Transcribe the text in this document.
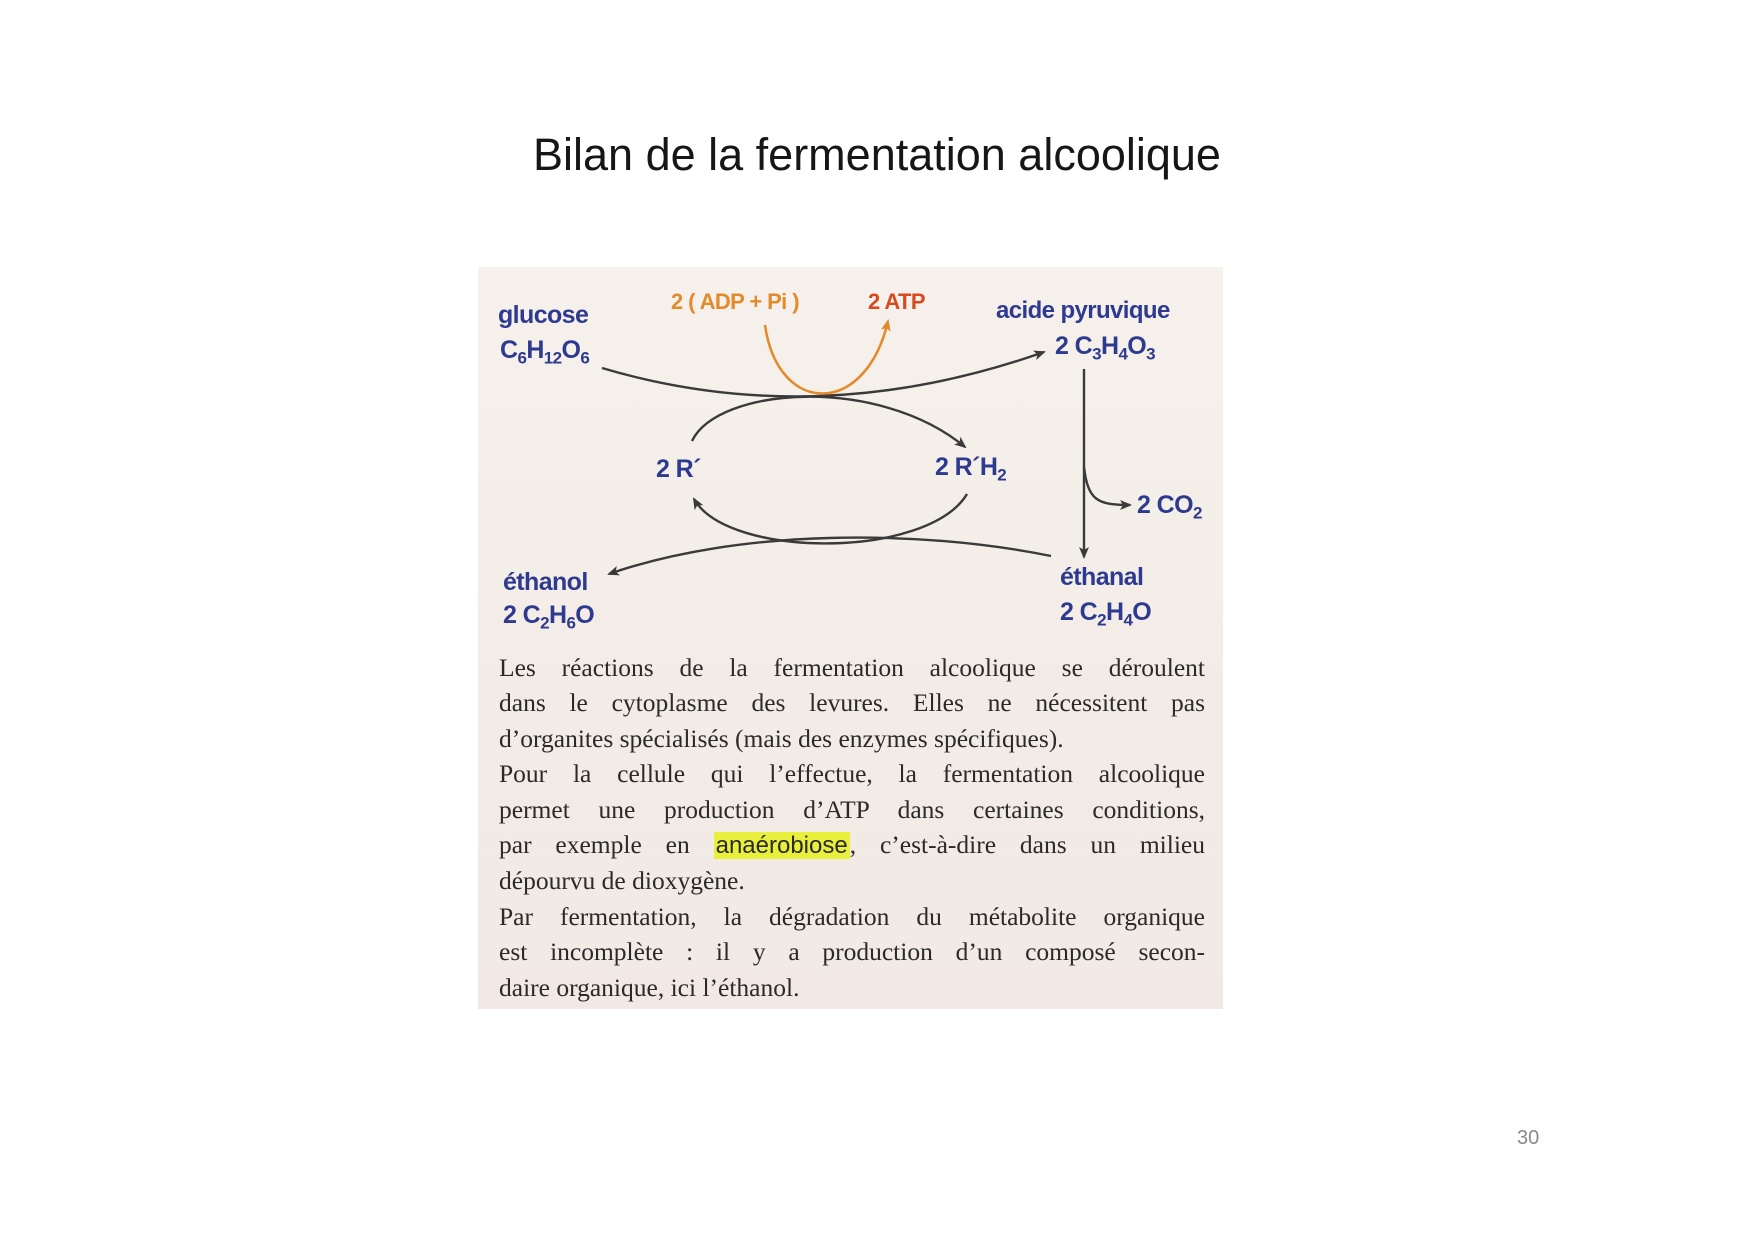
Bilan de la fermentation alcoolique
glucose
$C_6H_{12}O_6$
2 ( ADP + Pi )	2 ATP	acide pyruvique
2 $C_3H_4O_3$
2 R´	2 $R´H_2$
2 $CO_2$
éthanol
2 $C_2H_6O$
éthanal
2 $C_2H_4O$
Les réactions de la fermentation alcoolique se déroulent
dans le cytoplasme des levures. Elles ne nécessitent pas
d’organites spécialisés (mais des enzymes spécifiques).
Pour la cellule qui l’effectue, la fermentation alcoolique
permet une production d’ATP dans certaines conditions,
par exemple en anaérobiose, c’est-à-dire dans un milieu
dépourvu de dioxygène.
Par fermentation, la dégradation du métabolite organique
est incomplète : il y a production d’un composé secon-
daire organique, ici l’éthanol.
30
